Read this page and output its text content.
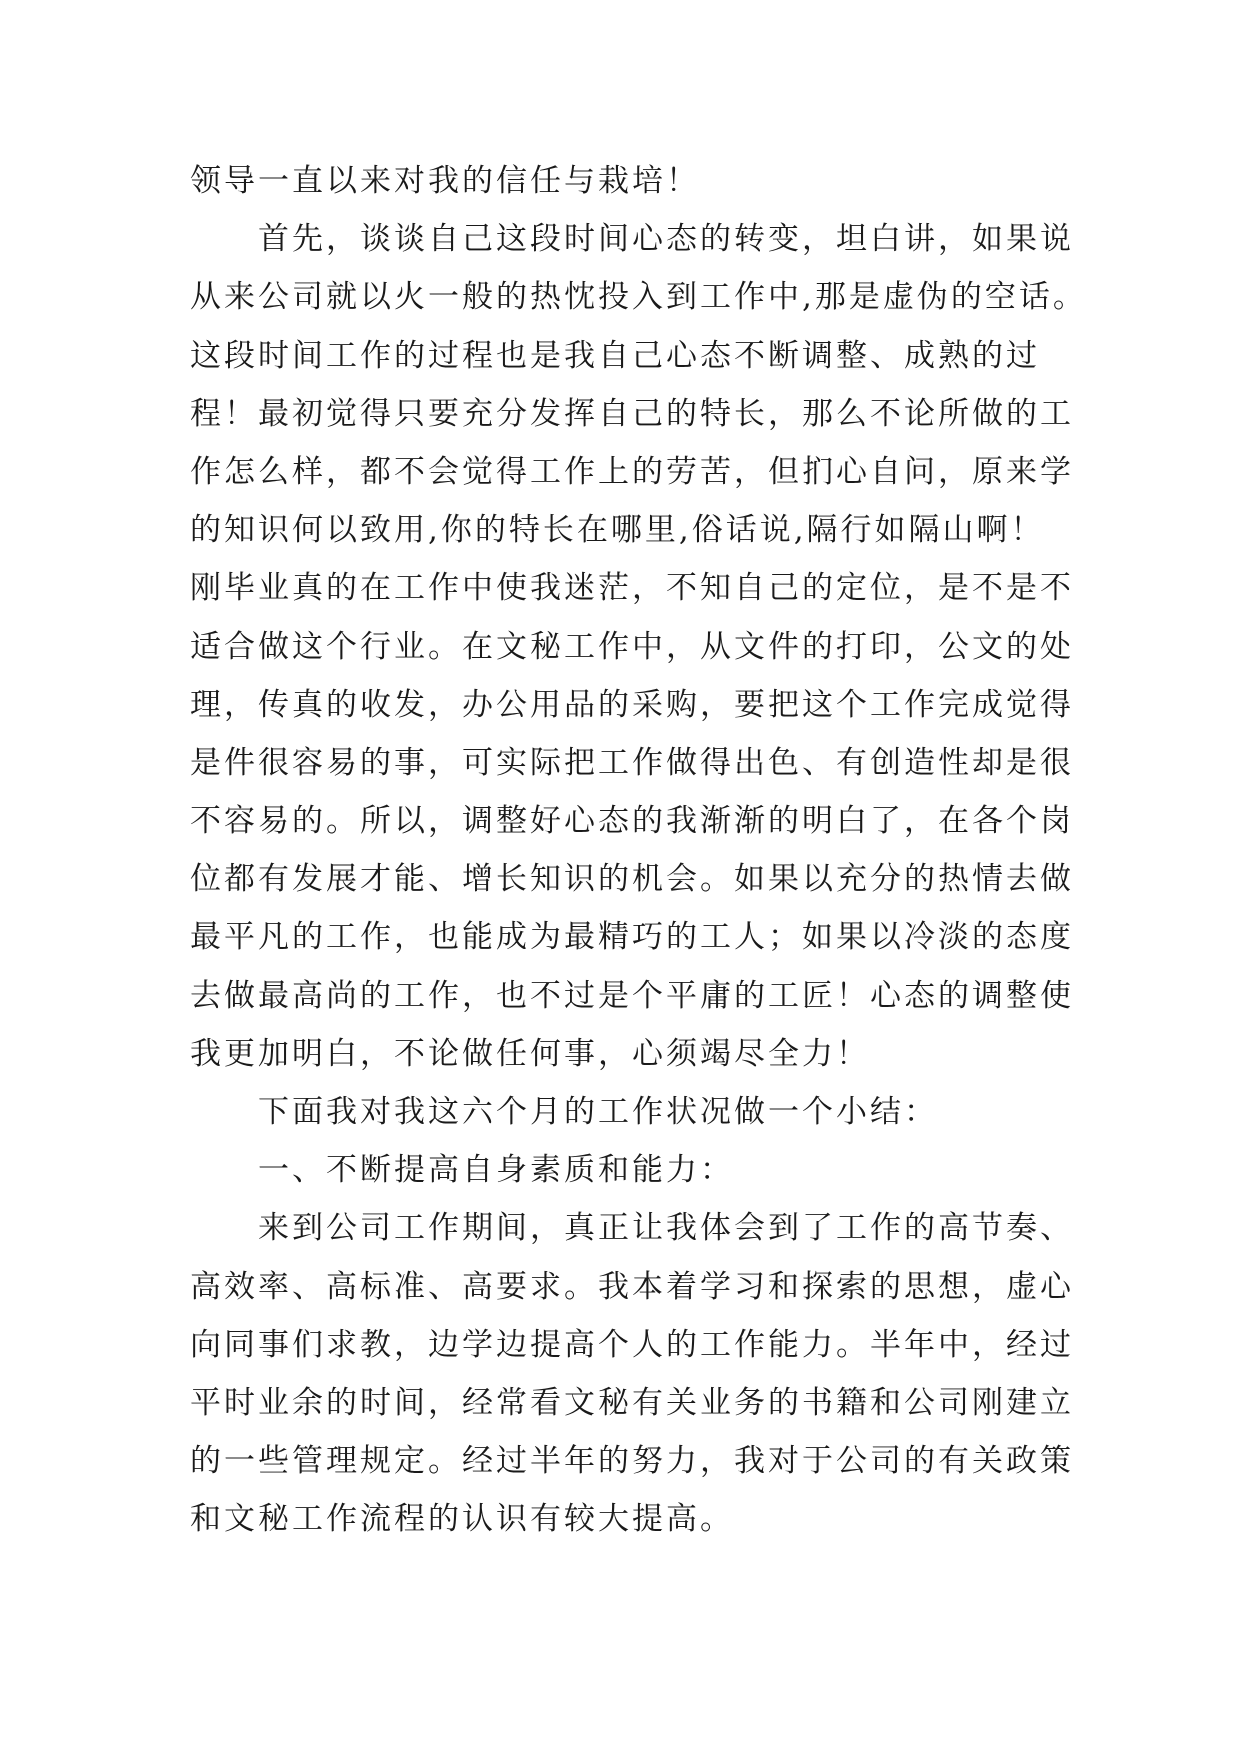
领导一直以来对我的信任与栽培！
首先，谈谈自己这段时间心态的转变，坦白讲，如果说
从来公司就以火一般的热忱投入到工作中,那是虚伪的空话。
这段时间工作的过程也是我自己心态不断调整、成熟的过
程！最初觉得只要充分发挥自己的特长，那么不论所做的工
作怎么样，都不会觉得工作上的劳苦，但扪心自问，原来学
的知识何以致用,你的特长在哪里,俗话说,隔行如隔山啊！
刚毕业真的在工作中使我迷茫，不知自己的定位，是不是不
适合做这个行业。在文秘工作中，从文件的打印，公文的处
理，传真的收发，办公用品的采购，要把这个工作完成觉得
是件很容易的事，可实际把工作做得出色、有创造性却是很
不容易的。所以，调整好心态的我渐渐的明白了，在各个岗
位都有发展才能、增长知识的机会。如果以充分的热情去做
最平凡的工作，也能成为最精巧的工人；如果以冷淡的态度
去做最高尚的工作，也不过是个平庸的工匠！心态的调整使
我更加明白，不论做任何事，心须竭尽全力！
下面我对我这六个月的工作状况做一个小结：
一、不断提高自身素质和能力：
来到公司工作期间，真正让我体会到了工作的高节奏、
高效率、高标准、高要求。我本着学习和探索的思想，虚心
向同事们求教，边学边提高个人的工作能力。半年中，经过
平时业余的时间，经常看文秘有关业务的书籍和公司刚建立
的一些管理规定。经过半年的努力，我对于公司的有关政策
和文秘工作流程的认识有较大提高。
